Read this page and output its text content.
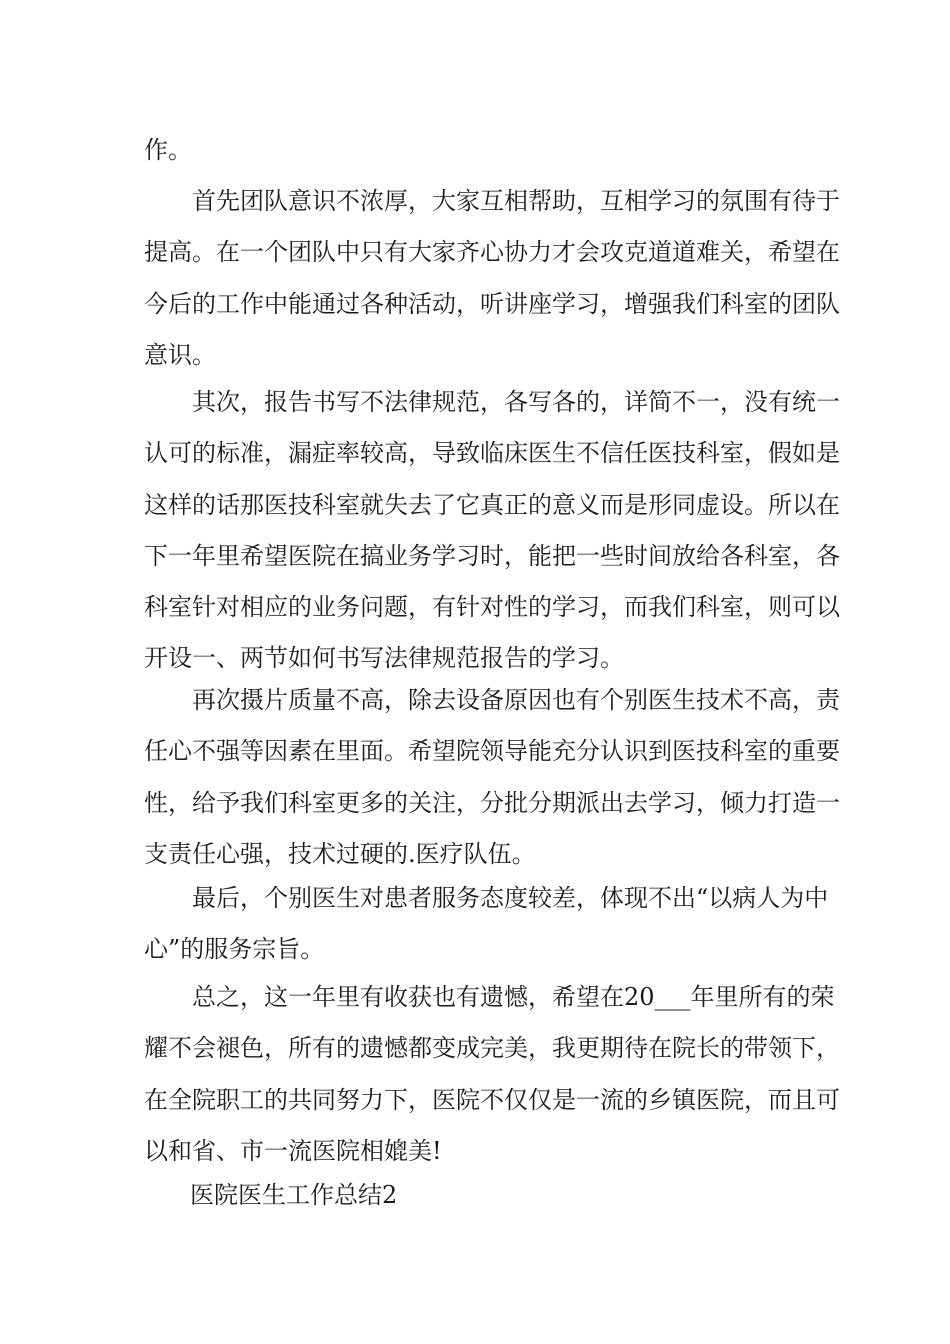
作。
首先团队意识不浓厚，大家互相帮助，互相学习的氛围有待于
提高。在一个团队中只有大家齐心协力才会攻克道道难关，希望在
今后的工作中能通过各种活动，听讲座学习，增强我们科室的团队
意识。
其次，报告书写不法律规范，各写各的，详简不一，没有统一
认可的标准，漏症率较高，导致临床医生不信任医技科室，假如是
这样的话那医技科室就失去了它真正的意义而是形同虚设。所以在
下一年里希望医院在搞业务学习时，能把一些时间放给各科室，各
科室针对相应的业务问题，有针对性的学习，而我们科室，则可以
开设一、两节如何书写法律规范报告的学习。
再次摄片质量不高，除去设备原因也有个别医生技术不高，责
任心不强等因素在里面。希望院领导能充分认识到医技科室的重要
性，给予我们科室更多的关注，分批分期派出去学习，倾力打造一
支责任心强，技术过硬的.医疗队伍。
最后，个别医生对患者服务态度较差，体现不出“以病人为中
心”的服务宗旨。
总之，这一年里有收获也有遗憾，希望在20___年里所有的荣
耀不会褪色，所有的遗憾都变成完美，我更期待在院长的带领下，
在全院职工的共同努力下，医院不仅仅是一流的乡镇医院，而且可
以和省、市一流医院相媲美!
医院医生工作总结2
